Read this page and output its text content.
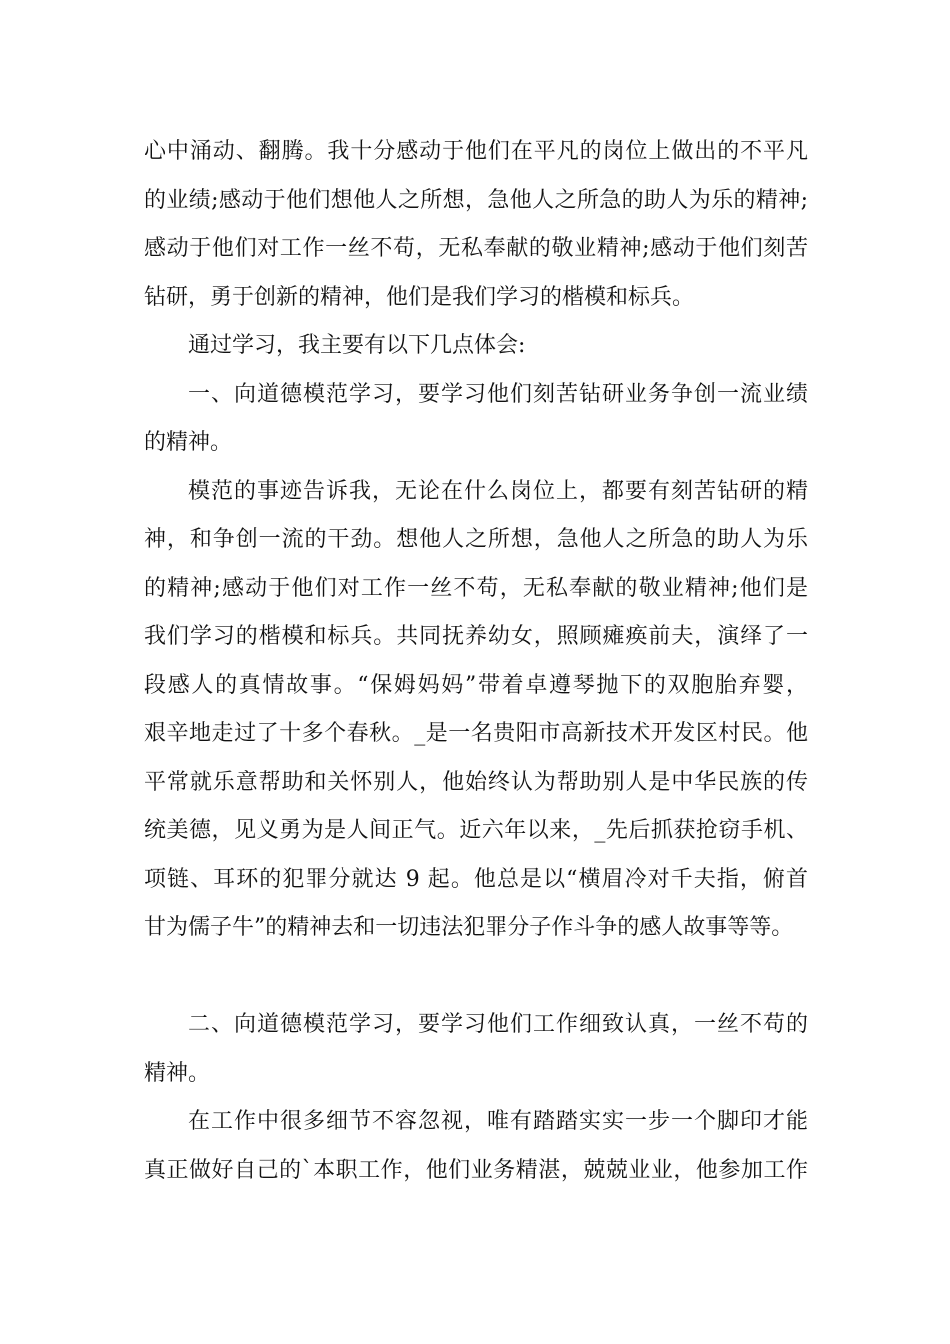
心中涌动、翻腾。我十分感动于他们在平凡的岗位上做出的不平凡
的业绩;感动于他们想他人之所想，急他人之所急的助人为乐的精神;
感动于他们对工作一丝不苟，无私奉献的敬业精神;感动于他们刻苦
钻研，勇于创新的精神，他们是我们学习的楷模和标兵。
通过学习，我主要有以下几点体会:
一、向道德模范学习，要学习他们刻苦钻研业务争创一流业绩
的精神。
模范的事迹告诉我，无论在什么岗位上，都要有刻苦钻研的精
神，和争创一流的干劲。想他人之所想，急他人之所急的助人为乐
的精神;感动于他们对工作一丝不苟，无私奉献的敬业精神;他们是
我们学习的楷模和标兵。共同抚养幼女，照顾瘫痪前夫，演绎了一
段感人的真情故事。“保姆妈妈”带着卓遵琴抛下的双胞胎弃婴，
艰辛地走过了十多个春秋。_是一名贵阳市高新技术开发区村民。他
平常就乐意帮助和关怀别人，他始终认为帮助别人是中华民族的传
统美德，见义勇为是人间正气。近六年以来，_先后抓获抢窃手机、
项链、耳环的犯罪分就达 9 起。他总是以“横眉冷对千夫指，俯首
甘为儒子牛”的精神去和一切违法犯罪分子作斗争的感人故事等等。
二、向道德模范学习，要学习他们工作细致认真，一丝不苟的
精神。
在工作中很多细节不容忽视，唯有踏踏实实一步一个脚印才能
真正做好自己的`本职工作，他们业务精湛，兢兢业业，他参加工作
